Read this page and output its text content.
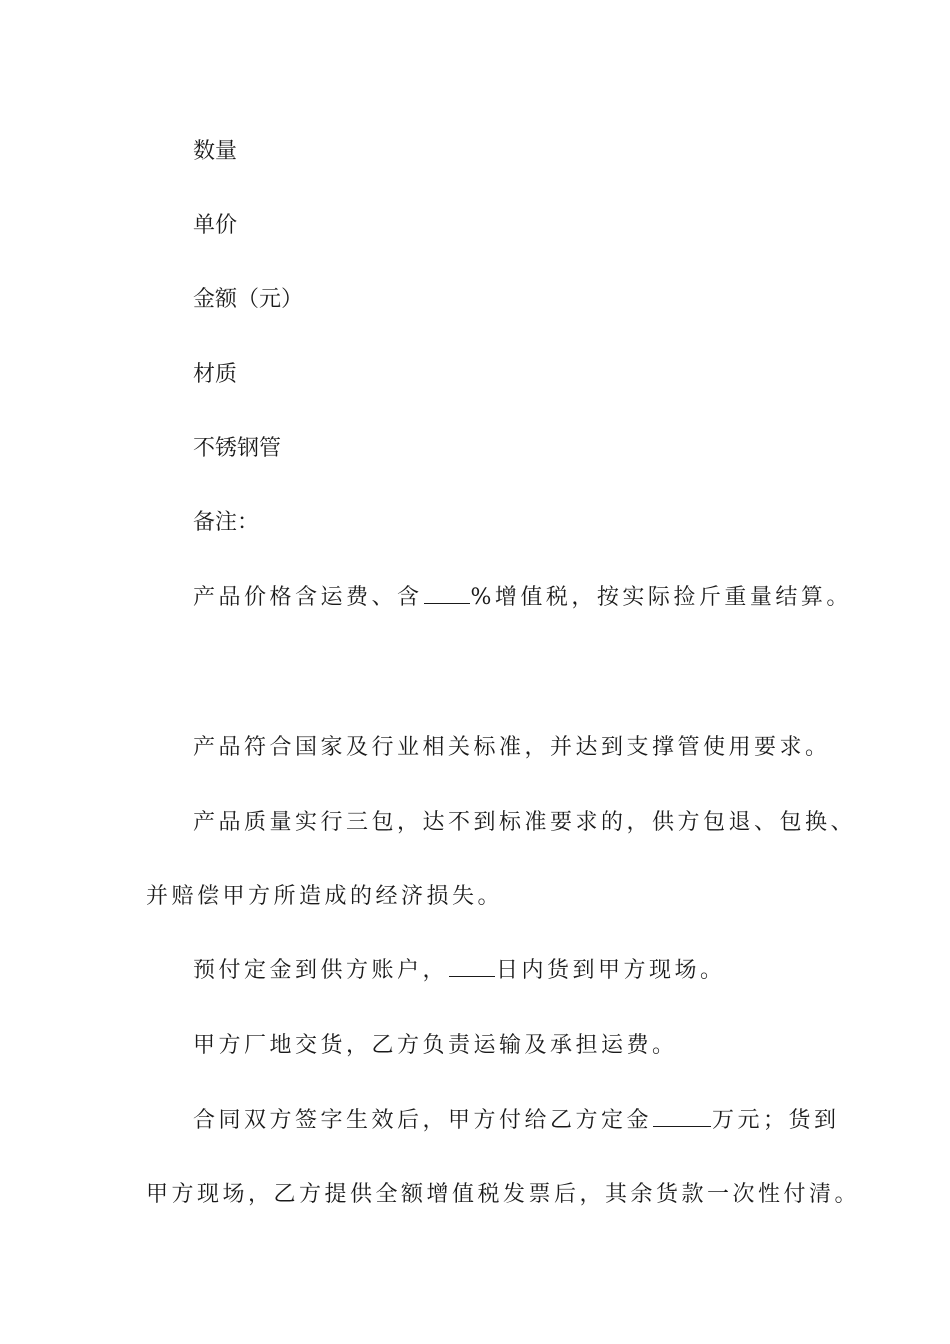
数量
单价
金额（元）
材质
不锈钢管
备注：
产品价格含运费、含 %增值税，按实际捡斤重量结算。
产品符合国家及行业相关标准，并达到支撑管使用要求。
产品质量实行三包，达不到标准要求的，供方包退、包换、
并赔偿甲方所造成的经济损失。
预付定金到供方账户， 日内货到甲方现场。
甲方厂地交货，乙方负责运输及承担运费。
合同双方签字生效后，甲方付给乙方定金	万元；货到
甲方现场，乙方提供全额增值税发票后，其余货款一次性付清。
